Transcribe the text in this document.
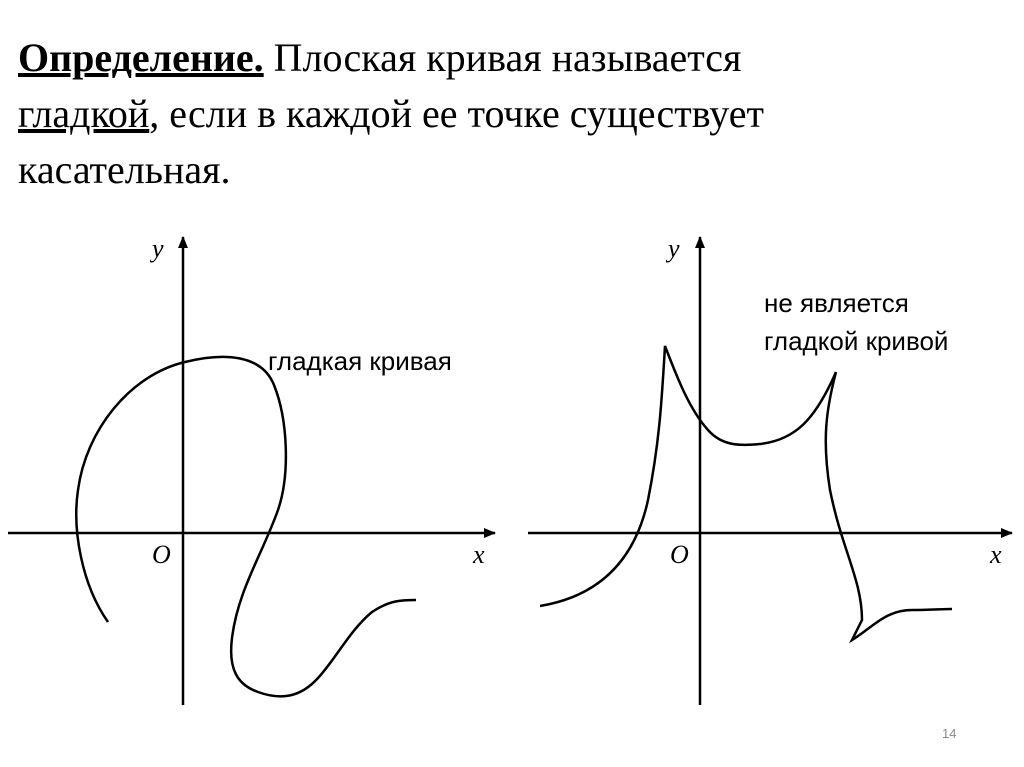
Определение. Плоская кривая называется
гладкой, если в каждой ее точке существует
касательная.

y
x
O
гладкая кривая
y
x
O
не является
гладкой кривой
14
